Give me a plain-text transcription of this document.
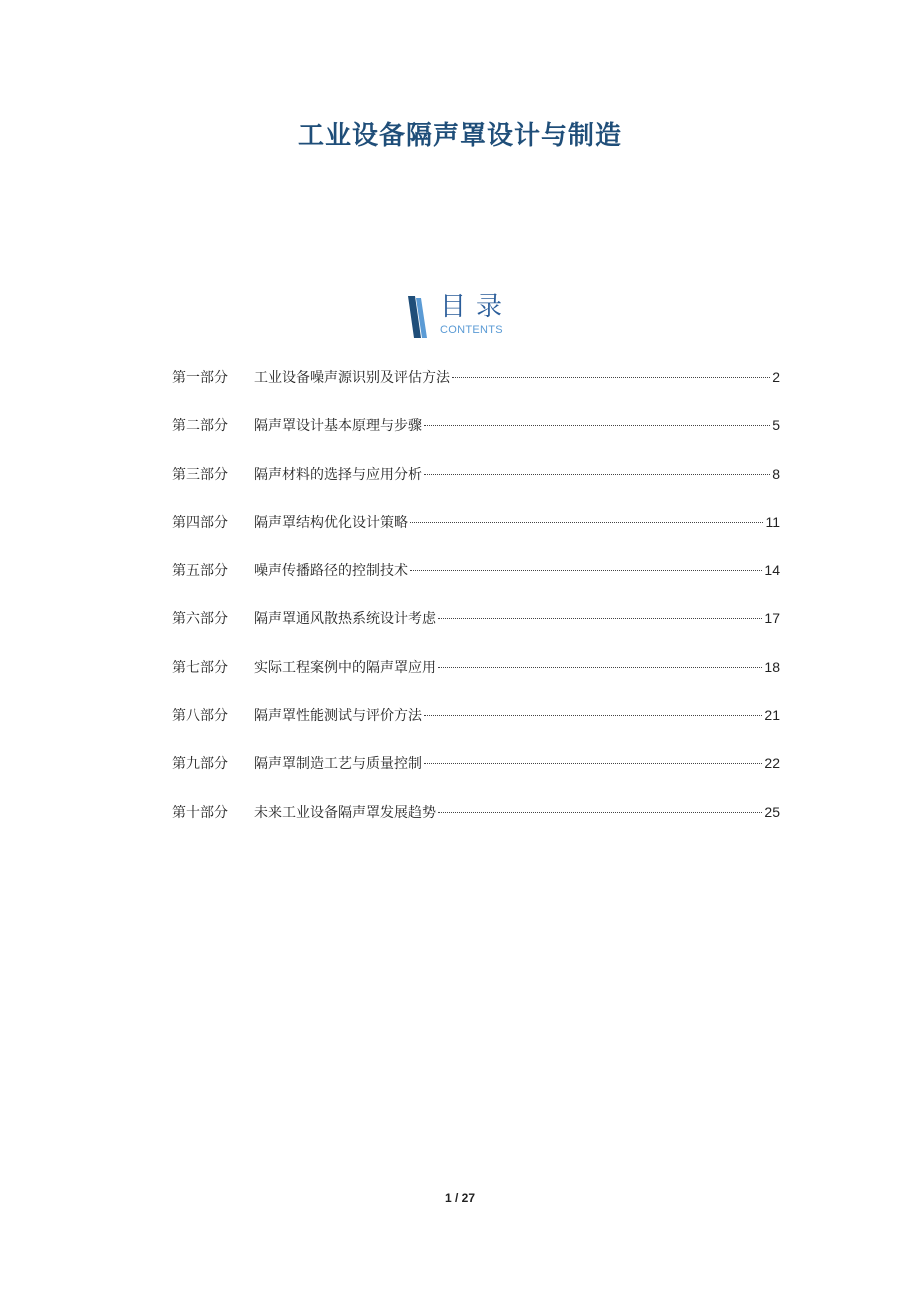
工业设备隔声罩设计与制造
目录
CONTENTS
第一部分	工业设备噪声源识别及评估方法	2
第二部分	隔声罩设计基本原理与步骤	5
第三部分	隔声材料的选择与应用分析	8
第四部分	隔声罩结构优化设计策略	11
第五部分	噪声传播路径的控制技术	14
第六部分	隔声罩通风散热系统设计考虑	17
第七部分	实际工程案例中的隔声罩应用	18
第八部分	隔声罩性能测试与评价方法	21
第九部分	隔声罩制造工艺与质量控制	22
第十部分	未来工业设备隔声罩发展趋势	25
1 / 27
